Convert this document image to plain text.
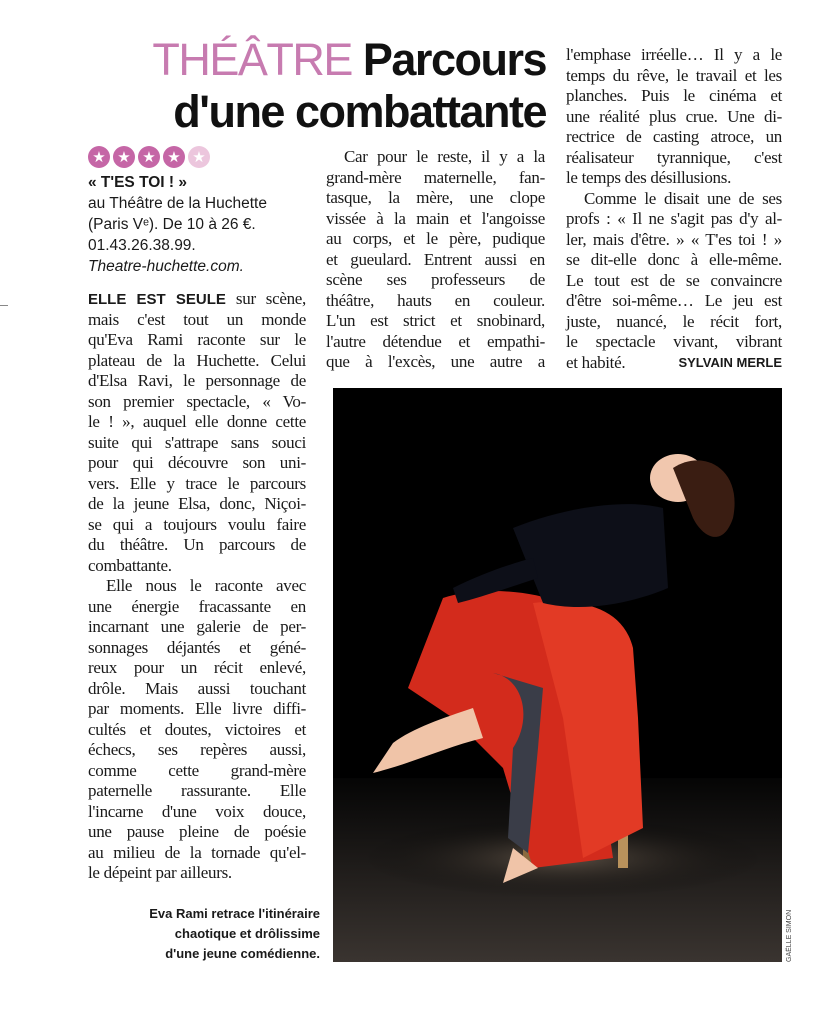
THÉÂTRE Parcours
d'une combattante
★ ★ ★ ★ ★
« T'ES TOI ! »
au Théâtre de la Huchette
(Paris Vᵉ). De 10 à 26 €.
01.43.26.38.99.
Theatre-huchette.com.
ELLE EST SEULE sur scène,
mais c'est tout un monde
qu'Eva Rami raconte sur le
plateau de la Huchette. Celui
d'Elsa Ravi, le personnage de
son premier spectacle, « Vo-
le ! », auquel elle donne cette
suite qui s'attrape sans souci
pour qui découvre son uni-
vers. Elle y trace le parcours
de la jeune Elsa, donc, Niçoi-
se qui a toujours voulu faire
du théâtre. Un parcours de
combattante.
Elle nous le raconte avec
une énergie fracassante en
incarnant une galerie de per-
sonnages déjantés et géné-
reux pour un récit enlevé,
drôle. Mais aussi touchant
par moments. Elle livre diffi-
cultés et doutes, victoires et
échecs, ses repères aussi,
comme cette grand-mère
paternelle rassurante. Elle
l'incarne d'une voix douce,
une pause pleine de poésie
au milieu de la tornade qu'el-
le dépeint par ailleurs.
Car pour le reste, il y a la
grand-mère maternelle, fan-
tasque, la mère, une clope
vissée à la main et l'angoisse
au corps, et le père, pudique
et gueulard. Entrent aussi en
scène ses professeurs de
théâtre, hauts en couleur.
L'un est strict et snobinard,
l'autre détendue et empathi-
que à l'excès, une autre a
l'emphase irréelle… Il y a le
temps du rêve, le travail et les
planches. Puis le cinéma et
une réalité plus crue. Une di-
rectrice de casting atroce, un
réalisateur tyrannique, c'est
le temps des désillusions.
Comme le disait une de ses
profs : « Il ne s'agit pas d'y al-
ler, mais d'être. » « T'es toi ! »
se dit-elle donc à elle-même.
Le tout est de se convaincre
d'être soi-même… Le jeu est
juste, nuancé, le récit fort,
le spectacle vivant, vibrant
et habité.	SYLVAIN MERLE
Eva Rami retrace l'itinéraire
chaotique et drôlissime
d'une jeune comédienne.	GAËLLE SIMON
